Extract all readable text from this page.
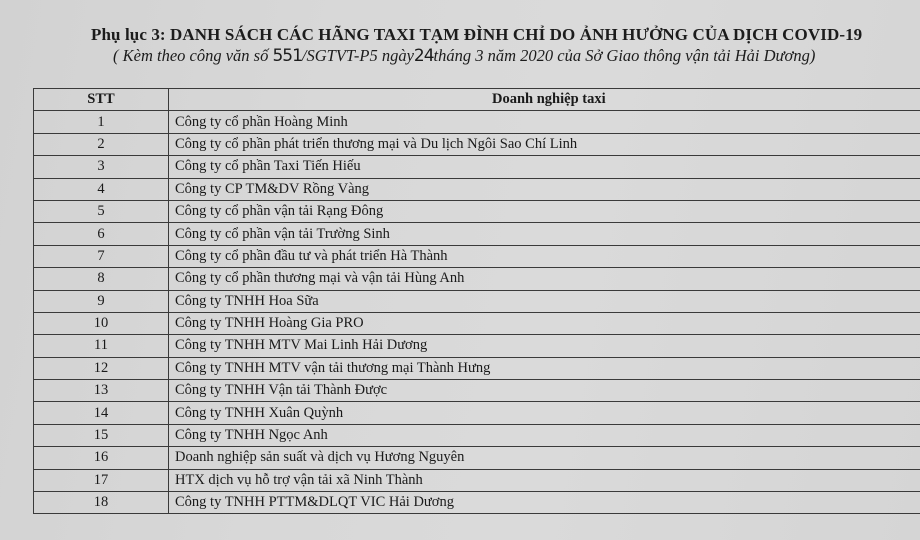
Phụ lục 3: DANH SÁCH CÁC HÃNG TAXI TẠM ĐÌNH CHỈ DO ẢNH HƯỞNG CỦA DỊCH COVID-19
( Kèm theo công văn số 551/SGTVT-P5 ngày24tháng 3 năm 2020 của Sở Giao thông vận tải Hải Dương)
STT	Doanh nghiệp taxi
1	Công ty cổ phần Hoàng Minh
2	Công ty cổ phần phát triển thương mại và Du lịch Ngôi Sao Chí Linh
3	Công ty cổ phần Taxi Tiến Hiếu
4	Công ty CP TM&DV Rồng Vàng
5	Công ty cổ phần vận tải Rạng Đông
6	Công ty cổ phần vận tải Trường Sinh
7	Công ty cổ phần đầu tư và phát triển Hà Thành
8	Công ty cổ phần thương mại và vận tải Hùng Anh
9	Công ty TNHH Hoa Sữa
10	Công ty TNHH Hoàng Gia PRO
11	Công ty TNHH MTV Mai Linh Hải Dương
12	Công ty TNHH MTV vận tải thương mại Thành Hưng
13	Công ty TNHH Vận tải Thành Được
14	Công ty TNHH Xuân Quỳnh
15	Công ty TNHH Ngọc Anh
16	Doanh nghiệp sản suất và dịch vụ Hương Nguyên
17	HTX dịch vụ hỗ trợ vận tải xã Ninh Thành
18	Công ty TNHH PTTM&DLQT VIC Hải Dương
